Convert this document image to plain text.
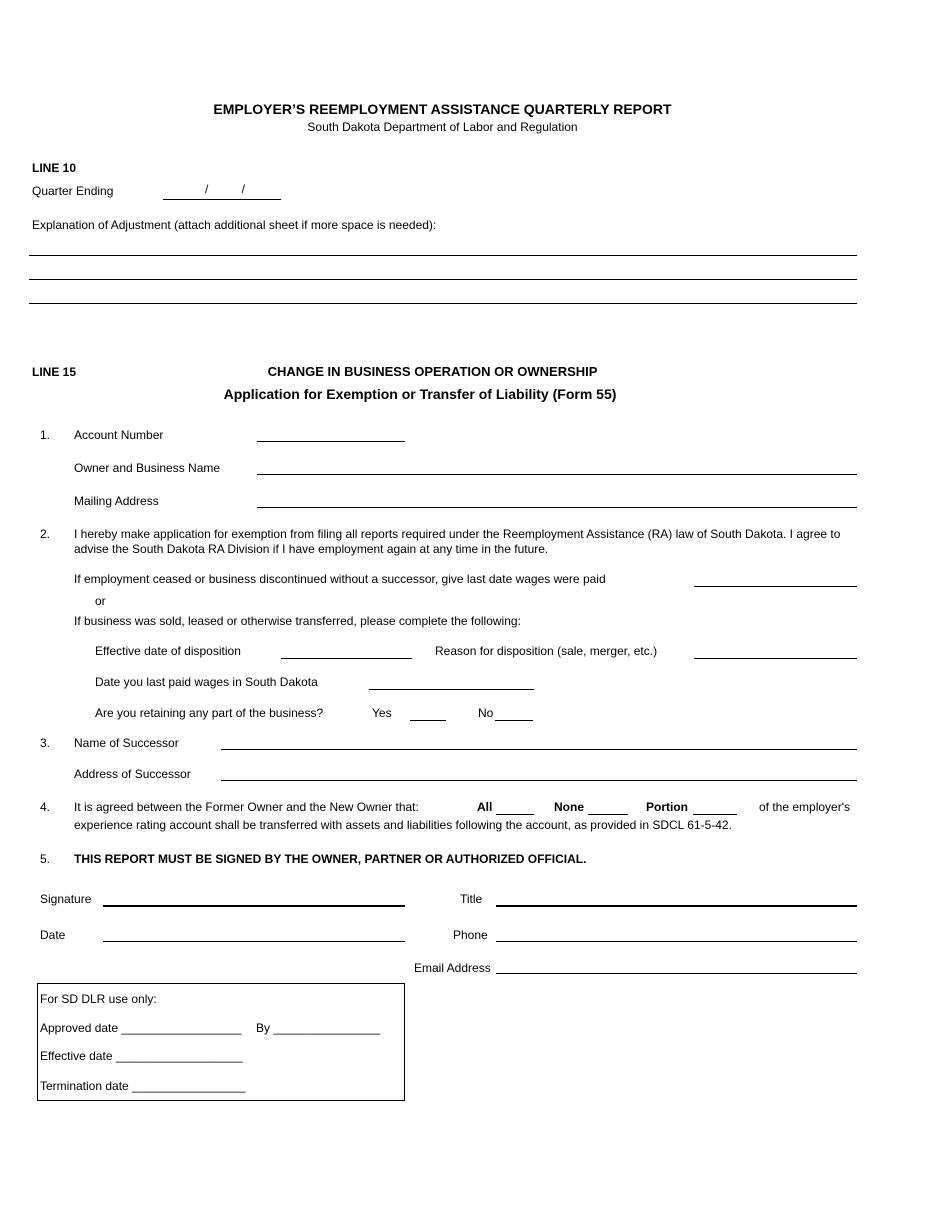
EMPLOYER’S REEMPLOYMENT ASSISTANCE QUARTERLY REPORT
South Dakota Department of Labor and Regulation
LINE 10
Quarter Ending	/          /
Explanation of Adjustment (attach additional sheet if more space is needed):
LINE 15	CHANGE IN BUSINESS OPERATION OR OWNERSHIP
Application for Exemption or Transfer of Liability (Form 55)
1. Account Number
Owner and Business Name
Mailing Address
2. I hereby make application for exemption from filing all reports required under the Reemployment Assistance (RA) law of South Dakota. I agree to advise the South Dakota RA Division if I have employment again at any time in the future.
If employment ceased or business discontinued without a successor, give last date wages were paid
or
If business was sold, leased or otherwise transferred, please complete the following:
Effective date of disposition	Reason for disposition (sale, merger, etc.)
Date you last paid wages in South Dakota
Are you retaining any part of the business?	Yes	No
3. Name of Successor
Address of Successor
4. It is agreed between the Former Owner and the New Owner that:	All	None	Portion	of the employer's
experience rating account shall be transferred with assets and liabilities following the account, as provided in SDCL 61-5-42.
5. THIS REPORT MUST BE SIGNED BY THE OWNER, PARTNER OR AUTHORIZED OFFICIAL.
Signature	Title
Date	Phone
Email Address
For SD DLR use only:
Approved date __________________ By ________________
Effective date ___________________
Termination date _________________
